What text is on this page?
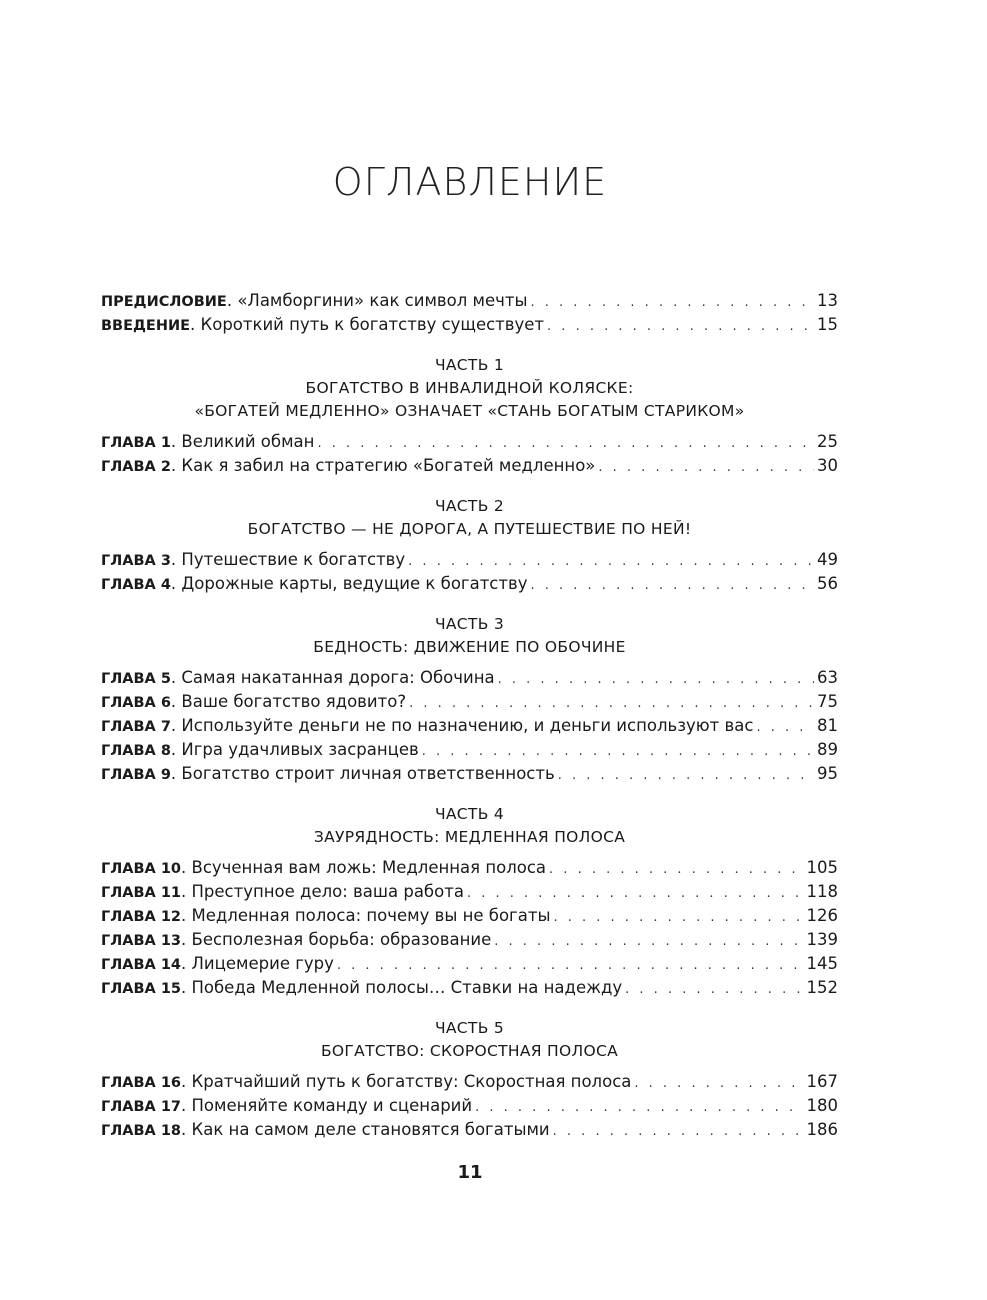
ОГЛАВЛЕНИЕ
ПРЕДИСЛОВИЕ. «Ламборгини» как символ мечты . . .	13
ВВЕДЕНИЕ. Короткий путь к богатству существует . . .	15
ЧАСТЬ 1
БОГАТСТВО В ИНВАЛИДНОЙ КОЛЯСКЕ:
«БОГАТЕЙ МЕДЛЕННО» ОЗНАЧАЕТ «СТАНЬ БОГАТЫМ СТАРИКОМ»
ГЛАВА 1. Великий обман . . .	25
ГЛАВА 2. Как я забил на стратегию «Богатей медленно» . . .	30
ЧАСТЬ 2
БОГАТСТВО — НЕ ДОРОГА, А ПУТЕШЕСТВИЕ ПО НЕЙ!
ГЛАВА 3. Путешествие к богатству . . .	49
ГЛАВА 4. Дорожные карты, ведущие к богатству . . .	56
ЧАСТЬ 3
БЕДНОСТЬ: ДВИЖЕНИЕ ПО ОБОЧИНЕ
ГЛАВА 5. Самая накатанная дорога: Обочина . . .	63
ГЛАВА 6. Ваше богатство ядовито? . . .	75
ГЛАВА 7. Используйте деньги не по назначению, и деньги используют вас . . .	81
ГЛАВА 8. Игра удачливых засранцев . . .	89
ГЛАВА 9. Богатство строит личная ответственность . . .	95
ЧАСТЬ 4
ЗАУРЯДНОСТЬ: МЕДЛЕННАЯ ПОЛОСА
ГЛАВА 10. Всученная вам ложь: Медленная полоса . . .	105
ГЛАВА 11. Преступное дело: ваша работа . . .	118
ГЛАВА 12. Медленная полоса: почему вы не богаты . . .	126
ГЛАВА 13. Бесполезная борьба: образование . . .	139
ГЛАВА 14. Лицемерие гуру . . .	145
ГЛАВА 15. Победа Медленной полосы… Ставки на надежду . . .	152
ЧАСТЬ 5
БОГАТСТВО: СКОРОСТНАЯ ПОЛОСА
ГЛАВА 16. Кратчайший путь к богатству: Скоростная полоса . . .	167
ГЛАВА 17. Поменяйте команду и сценарий . . .	180
ГЛАВА 18. Как на самом деле становятся богатыми . . .	186
11
